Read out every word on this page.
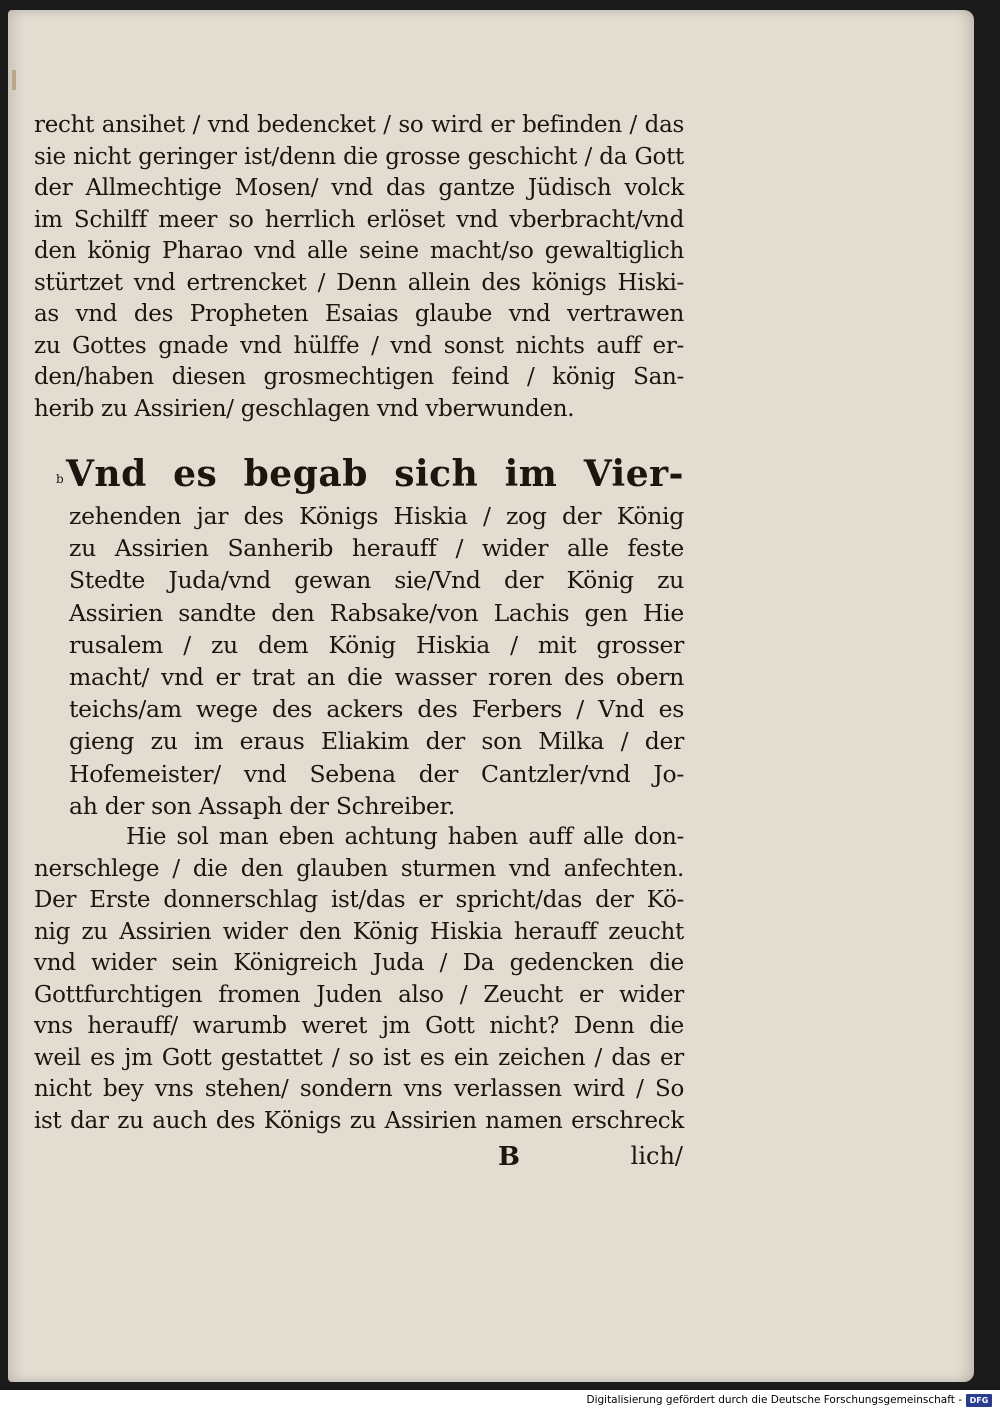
recht ansihet / vnd bedencket / so wird er befinden / das
sie nicht geringer ist/denn die grosse geschicht / da Gott
der Allmechtige Mosen/ vnd das gantze Jüdisch volck
im Schilff meer so herrlich erlöset vnd vberbracht/vnd
den könig Pharao vnd alle seine macht/so gewaltiglich
stürtzet vnd ertrencket / Denn allein des königs Hiski-
as vnd des Propheten Esaias glaube vnd vertrawen
zu Gottes gnade vnd hülffe / vnd sonst nichts auff er-
den/haben diesen grosmechtigen feind / könig San-
herib zu Assirien/ geschlagen vnd vberwunden.
b Vnd es begab sich im Vier-
zehenden jar des Königs Hiskia / zog der König
zu Assirien Sanherib herauff / wider alle feste
Stedte Juda/vnd gewan sie/Vnd der König zu
Assirien sandte den Rabsake/von Lachis gen Hie
rusalem / zu dem König Hiskia / mit grosser
macht/ vnd er trat an die wasser roren des obern
teichs/am wege des ackers des Ferbers / Vnd es
gieng zu im eraus Eliakim der son Milka / der
Hofemeister/ vnd Sebena der Cantzler/vnd Jo-
ah der son Assaph der Schreiber.
Hie sol man eben achtung haben auff alle don-
nerschlege / die den glauben sturmen vnd anfechten.
Der Erste donnerschlag ist/das er spricht/das der Kö-
nig zu Assirien wider den König Hiskia herauff zeucht
vnd wider sein Königreich Juda / Da gedencken die
Gottfurchtigen fromen Juden also / Zeucht er wider
vns herauff/ warumb weret jm Gott nicht? Denn die
weil es jm Gott gestattet / so ist es ein zeichen / das er
nicht bey vns stehen/ sondern vns verlassen wird / So
ist dar zu auch des Königs zu Assirien namen erschreck
B	lich/
Digitalisierung gefördert durch die Deutsche Forschungsgemeinschaft - DFG
